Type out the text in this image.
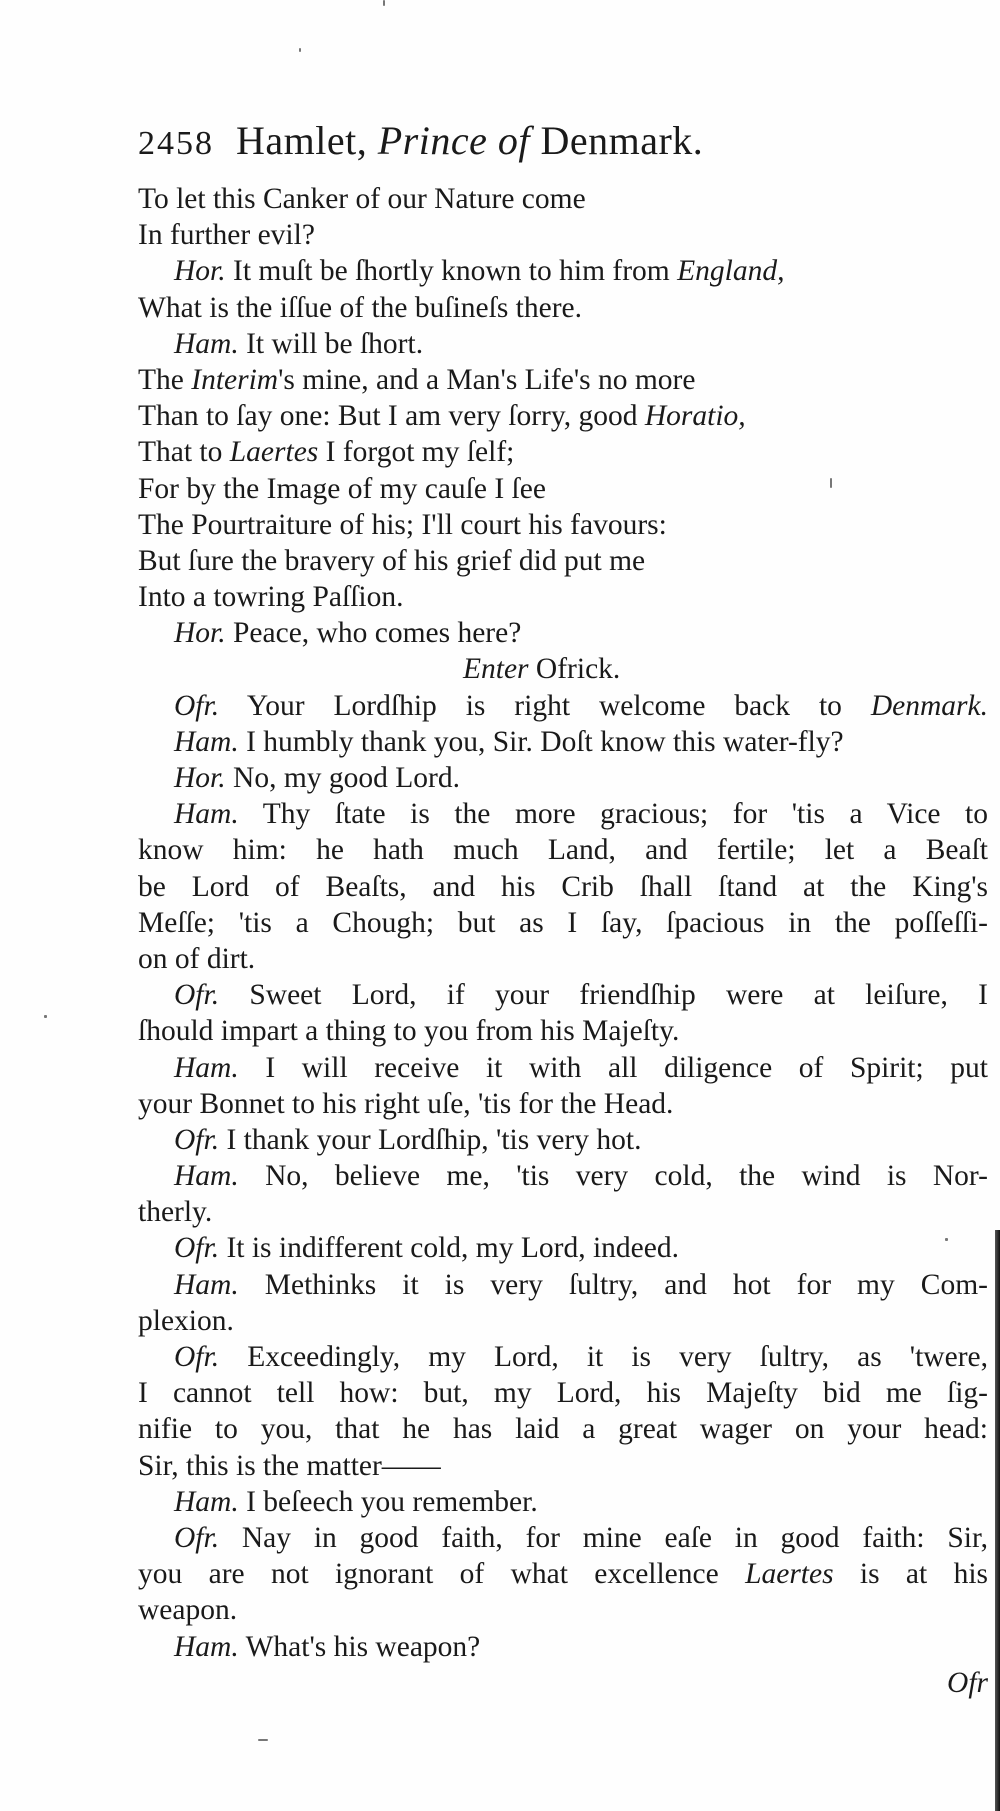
2458 Hamlet, Prince of Denmark.
To let this Canker of our Nature come
In further evil?
Hor. It muſt be ſhortly known to him from England,
What is the iſſue of the buſineſs there.
Ham. It will be ſhort.
The Interim's mine, and a Man's Life's no more
Than to ſay one: But I am very ſorry, good Horatio,
That to Laertes I forgot my ſelf;
For by the Image of my cauſe I ſee
The Pourtraiture of his; I'll court his favours:
But ſure the bravery of his grief did put me
Into a towring Paſſion.
Hor. Peace, who comes here?
Enter Ofrick.
Ofr. Your Lordſhip is right welcome back to Denmark.
Ham. I humbly thank you, Sir. Doſt know this water-fly?
Hor. No, my good Lord.
Ham. Thy ſtate is the more gracious; for 'tis a Vice to
know him: he hath much Land, and fertile; let a Beaſt
be Lord of Beaſts, and his Crib ſhall ſtand at the King's
Meſſe; 'tis a Chough; but as I ſay, ſpacious in the poſſeſſi-
on of dirt.
Ofr. Sweet Lord, if your friendſhip were at leiſure, I
ſhould impart a thing to you from his Majeſty.
Ham. I will receive it with all diligence of Spirit; put
your Bonnet to his right uſe, 'tis for the Head.
Ofr. I thank your Lordſhip, 'tis very hot.
Ham. No, believe me, 'tis very cold, the wind is Nor-
therly.
Ofr. It is indifferent cold, my Lord, indeed.
Ham. Methinks it is very ſultry, and hot for my Com-
plexion.
Ofr. Exceedingly, my Lord, it is very ſultry, as 'twere,
I cannot tell how: but, my Lord, his Majeſty bid me ſig-
nifie to you, that he has laid a great wager on your head:
Sir, this is the matter——
Ham. I beſeech you remember.
Ofr. Nay in good faith, for mine eaſe in good faith: Sir,
you are not ignorant of what excellence Laertes is at his
weapon.
Ham. What's his weapon?
Ofr
